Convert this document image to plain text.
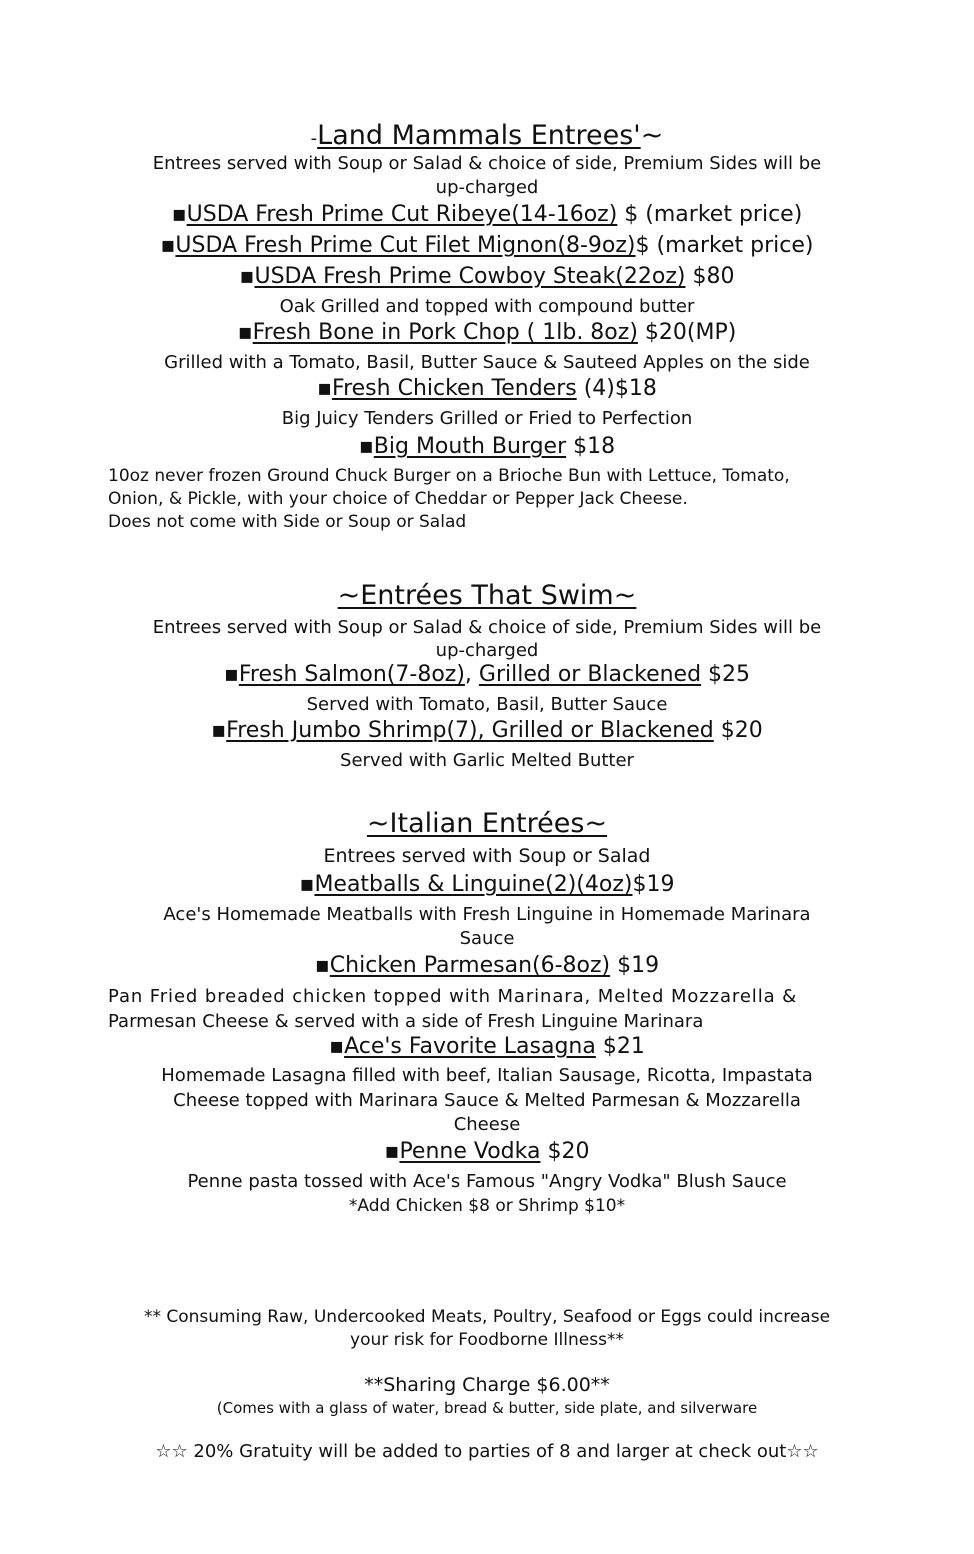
-Land Mammals Entrees'~
Entrees served with Soup or Salad & choice of side, Premium Sides will be
up-charged
▪USDA Fresh Prime Cut Ribeye(14-16oz) $ (market price)
▪USDA Fresh Prime Cut Filet Mignon(8-9oz)$ (market price)
▪USDA Fresh Prime Cowboy Steak(22oz) $80
Oak Grilled and topped with compound butter
▪Fresh Bone in Pork Chop ( 1lb. 8oz) $20(MP)
Grilled with a Tomato, Basil, Butter Sauce & Sauteed Apples on the side
▪Fresh Chicken Tenders (4)$18
Big Juicy Tenders Grilled or Fried to Perfection
▪Big Mouth Burger $18
10oz never frozen Ground Chuck Burger on a Brioche Bun with Lettuce, Tomato,
Onion, & Pickle, with your choice of Cheddar or Pepper Jack Cheese.
Does not come with Side or Soup or Salad
~Entrées That Swim~
Entrees served with Soup or Salad & choice of side, Premium Sides will be
up-charged
▪Fresh Salmon(7-8oz), Grilled or Blackened $25
Served with Tomato, Basil, Butter Sauce
▪Fresh Jumbo Shrimp(7), Grilled or Blackened $20
Served with Garlic Melted Butter
~Italian Entrées~
Entrees served with Soup or Salad
▪Meatballs & Linguine(2)(4oz)$19
Ace's Homemade Meatballs with Fresh Linguine in Homemade Marinara
Sauce
▪Chicken Parmesan(6-8oz) $19
Pan Fried breaded chicken topped with Marinara, Melted Mozzarella &
Parmesan Cheese & served with a side of Fresh Linguine Marinara
▪Ace's Favorite Lasagna $21
Homemade Lasagna filled with beef, Italian Sausage, Ricotta, Impastata
Cheese topped with Marinara Sauce & Melted Parmesan & Mozzarella
Cheese
▪Penne Vodka $20
Penne pasta tossed with Ace's Famous "Angry Vodka" Blush Sauce
*Add Chicken $8 or Shrimp $10*
** Consuming Raw, Undercooked Meats, Poultry, Seafood or Eggs could increase
your risk for Foodborne Illness**
**Sharing Charge $6.00**
(Comes with a glass of water, bread & butter, side plate, and silverware
☆☆ 20% Gratuity will be added to parties of 8 and larger at check out☆☆
